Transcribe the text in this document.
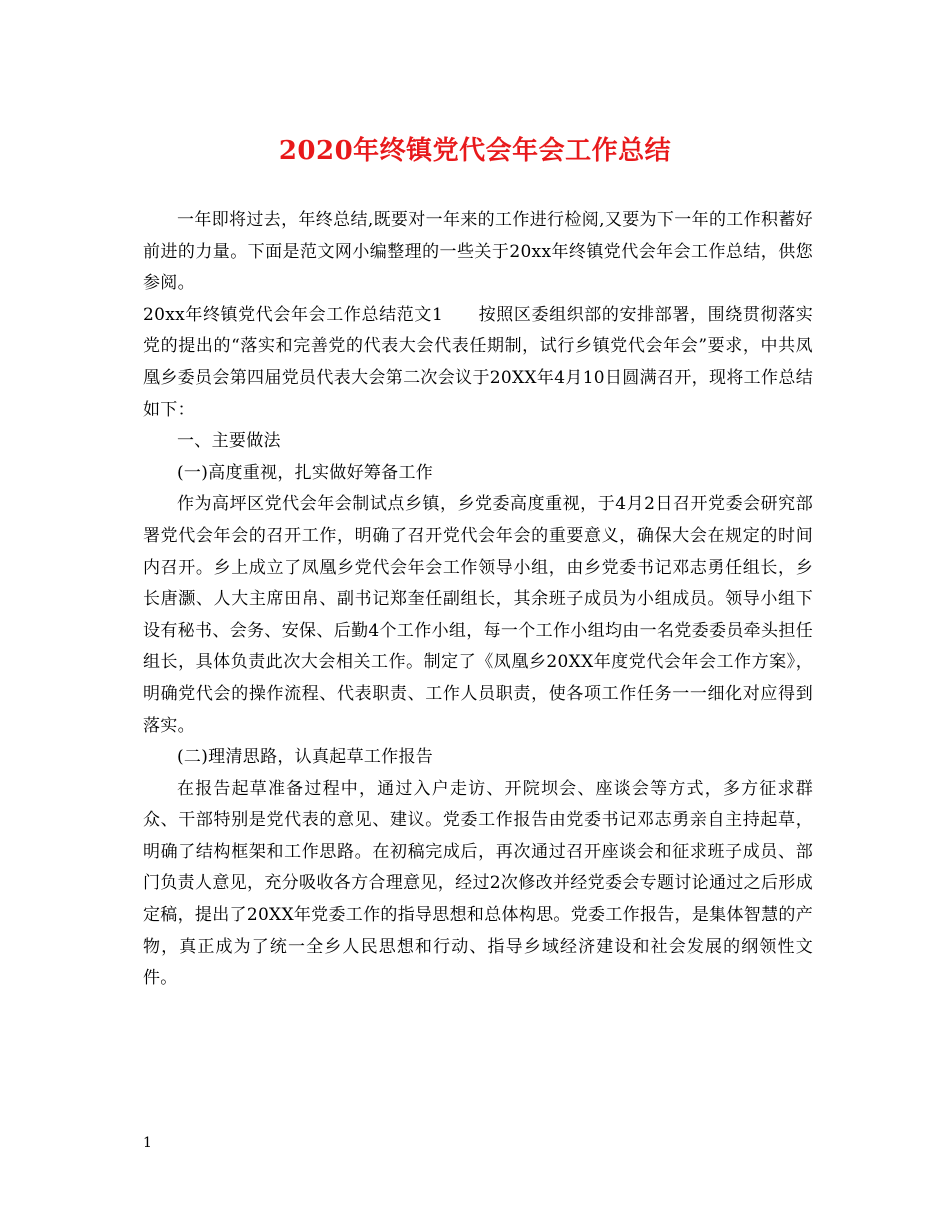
2020年终镇党代会年会工作总结

一年即将过去，年终总结,既要对一年来的工作进行检阅,又要为下一年的工作积蓄好前进的力量。下面是范文网小编整理的一些关于20xx年终镇党代会年会工作总结，供您参阅。

20xx年终镇党代会年会工作总结范文1　　按照区委组织部的安排部署，围绕贯彻落实党的提出的“落实和完善党的代表大会代表任期制，试行乡镇党代会年会”要求，中共凤凰乡委员会第四届党员代表大会第二次会议于20XX年4月10日圆满召开，现将工作总结如下：

一、主要做法

(一)高度重视，扎实做好筹备工作

作为高坪区党代会年会制试点乡镇，乡党委高度重视，于4月2日召开党委会研究部署党代会年会的召开工作，明确了召开党代会年会的重要意义，确保大会在规定的时间内召开。乡上成立了凤凰乡党代会年会工作领导小组，由乡党委书记邓志勇任组长，乡长唐灏、人大主席田帛、副书记郑奎任副组长，其余班子成员为小组成员。领导小组下设有秘书、会务、安保、后勤4个工作小组，每一个工作小组均由一名党委委员牵头担任组长，具体负责此次大会相关工作。制定了《凤凰乡20XX年度党代会年会工作方案》，明确党代会的操作流程、代表职责、工作人员职责，使各项工作任务一一细化对应得到落实。

(二)理清思路，认真起草工作报告

在报告起草准备过程中，通过入户走访、开院坝会、座谈会等方式，多方征求群众、干部特别是党代表的意见、建议。党委工作报告由党委书记邓志勇亲自主持起草，明确了结构框架和工作思路。在初稿完成后，再次通过召开座谈会和征求班子成员、部门负责人意见，充分吸收各方合理意见，经过2次修改并经党委会专题讨论通过之后形成定稿，提出了20XX年党委工作的指导思想和总体构思。党委工作报告，是集体智慧的产物，真正成为了统一全乡人民思想和行动、指导乡域经济建设和社会发展的纲领性文件。

1
